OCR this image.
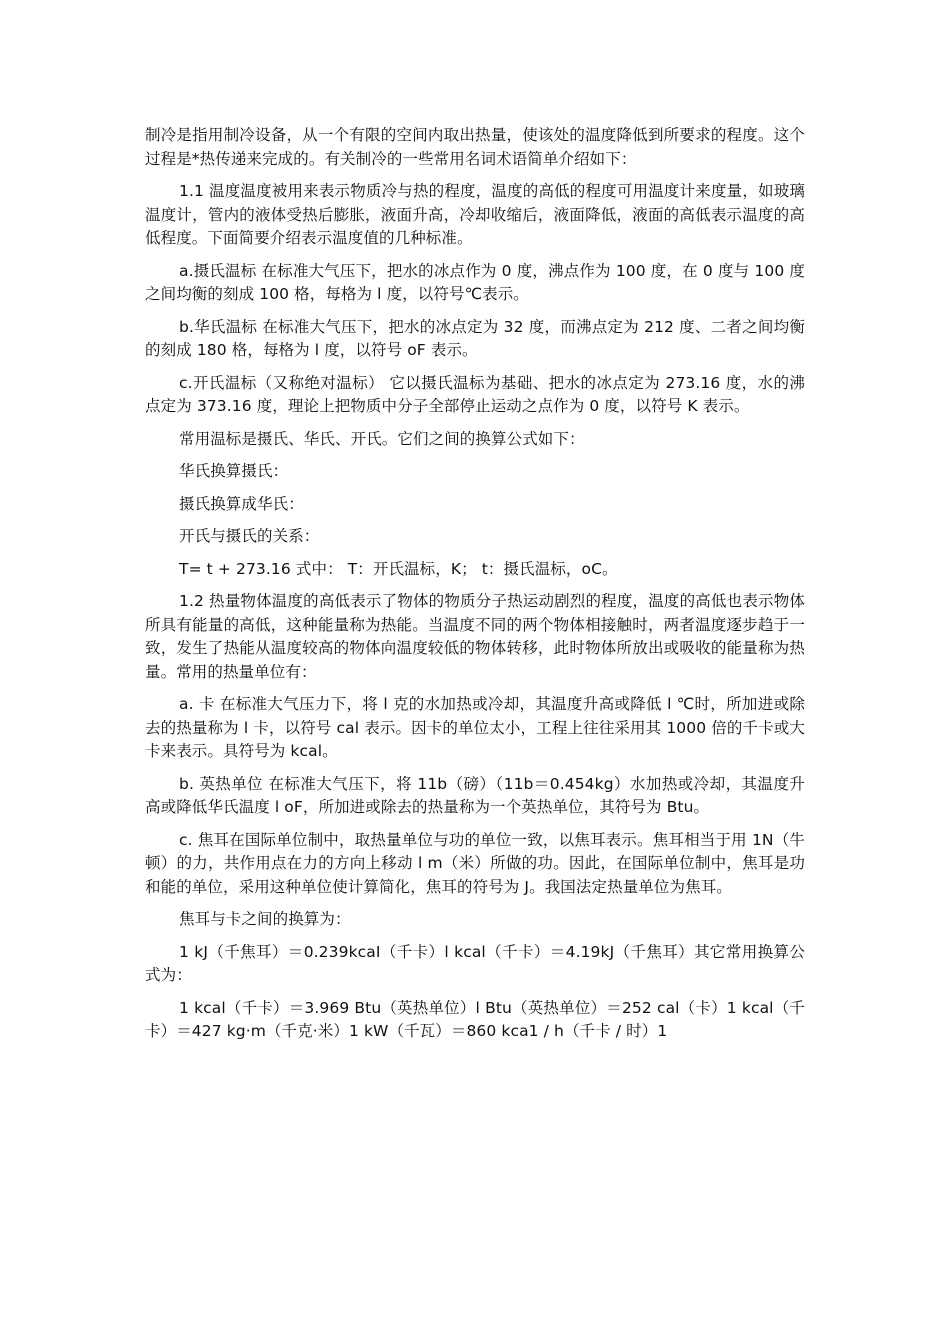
制冷是指用制冷设备，从一个有限的空间内取出热量，使该处的温度降低到所要求的程度。这个过程是*热传递来完成的。有关制冷的一些常用名词术语简单介绍如下：

1.1 温度温度被用来表示物质冷与热的程度，温度的高低的程度可用温度计来度量，如玻璃温度计，管内的液体受热后膨胀，液面升高，冷却收缩后，液面降低，液面的高低表示温度的高低程度。下面简要介绍表示温度值的几种标准。

a.摄氏温标 在标准大气压下，把水的冰点作为 0 度，沸点作为 100 度，在 0 度与 100 度之间均衡的刻成 100 格，每格为 l 度，以符号℃表示。

b.华氏温标 在标准大气压下，把水的冰点定为 32 度，而沸点定为 212 度、二者之间均衡的刻成 180 格，每格为 l 度，以符号 oF 表示。

c.开氏温标（又称绝对温标） 它以摄氏温标为基础、把水的冰点定为 273.16 度，水的沸点定为 373.16 度，理论上把物质中分子全部停止运动之点作为 0 度，以符号 K 表示。

常用温标是摄氏、华氏、开氏。它们之间的换算公式如下：

华氏换算摄氏：

摄氏换算成华氏：

开氏与摄氏的关系：

T= t + 273.16 式中： T：开氏温标，K； t：摄氏温标，oC。

1.2 热量物体温度的高低表示了物体的物质分子热运动剧烈的程度，温度的高低也表示物体所具有能量的高低，这种能量称为热能。当温度不同的两个物体相接触时，两者温度逐步趋于一致，发生了热能从温度较高的物体向温度较低的物体转移，此时物体所放出或吸收的能量称为热量。常用的热量单位有：

a. 卡 在标准大气压力下，将 l 克的水加热或冷却，其温度升高或降低 l ℃时，所加进或除去的热量称为 l 卡，以符号 cal 表示。因卡的单位太小，工程上往往采用其 1000 倍的千卡或大卡来表示。具符号为 kcal。

b. 英热单位 在标准大气压下，将 11b（磅）（11b＝0.454kg）水加热或冷却，其温度升高或降低华氏温度 l oF，所加进或除去的热量称为一个英热单位，其符号为 Btu。

c. 焦耳在国际单位制中，取热量单位与功的单位一致，以焦耳表示。焦耳相当于用 1N（牛顿）的力，共作用点在力的方向上移动 l m（米）所做的功。因此，在国际单位制中，焦耳是功和能的单位，采用这种单位使计算简化，焦耳的符号为 J。我国法定热量单位为焦耳。

焦耳与卡之间的换算为：

1 kJ（千焦耳）＝0.239kcaI（千卡）l kcal（千卡）＝4.19kJ（千焦耳）其它常用换算公式为：

1 kcal（千卡）＝3.969 Btu（英热单位）l Btu（英热单位）＝252 cal（卡）1 kcal（千卡）＝427 kg·m（千克·米）1 kW（千瓦）＝860 kca1 / h（千卡 / 时）1
